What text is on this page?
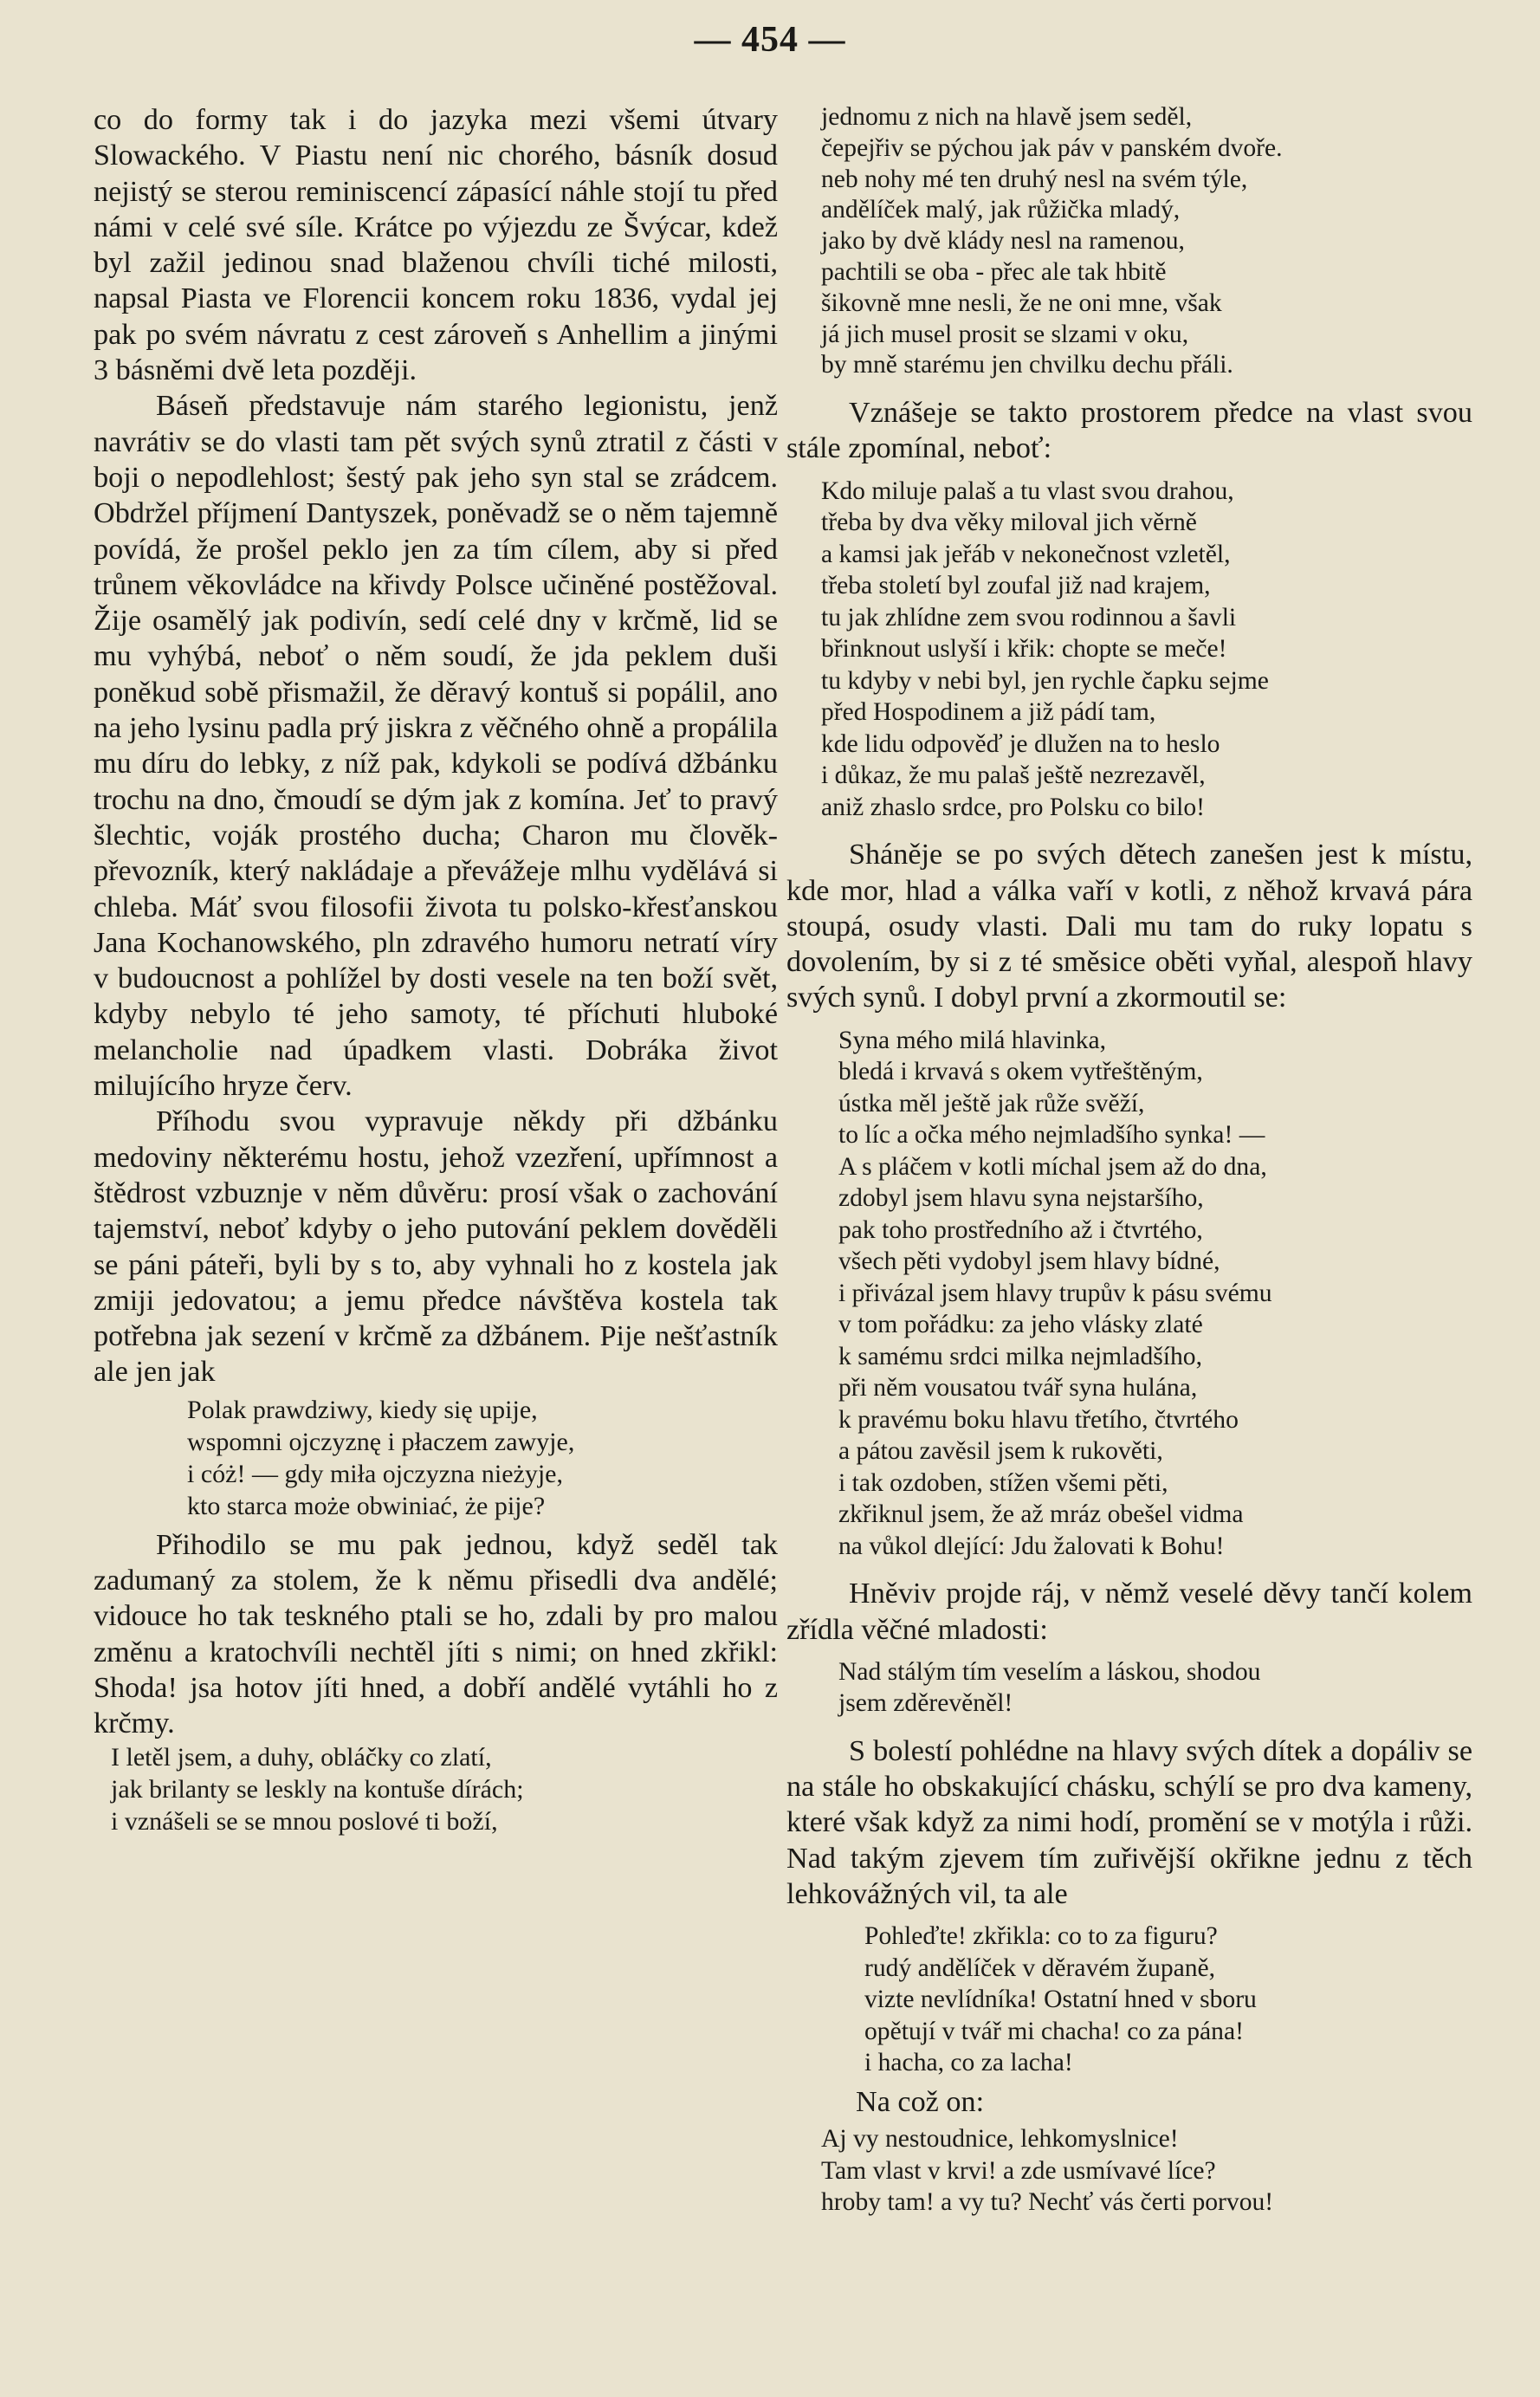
— 454 —

co do formy tak i do jazyka mezi všemi útvary Slowackého. V Piastu není nic chorého, básník dosud nejistý se sterou reminiscencí zápasící náhle stojí tu před námi v celé své síle. Krátce po výjezdu ze Švýcar, kdež byl zažil jedinou snad blaženou chvíli tiché milosti, napsal Piasta ve Florencii koncem roku 1836, vydal jej pak po svém návratu z cest zároveň s Anhellim a jinými 3 básněmi dvě leta později.

Báseň představuje nám starého legionistu, jenž navrátiv se do vlasti tam pět svých synů ztratil z části v boji o nepodlehlost; šestý pak jeho syn stal se zrádcem. Obdržel příjmení Dantyszek, poněvadž se o něm tajemně povídá, že prošel peklo jen za tím cílem, aby si před trůnem věkovládce na křivdy Polsce učiněné postěžoval. Žije osamělý jak podivín, sedí celé dny v krčmě, lid se mu vyhýbá, neboť o něm soudí, že jda peklem duši poněkud sobě přismažil, že děravý kontuš si popálil, ano na jeho lysinu padla prý jiskra z věčného ohně a propálila mu díru do lebky, z níž pak, kdykoli se podívá džbánku trochu na dno, čmoudí se dým jak z komína. Jeť to pravý šlechtic, voják prostého ducha; Charon mu člověk-převozník, který nakládaje a převážeje mlhu vydělává si chleba. Máť svou filosofii života tu polsko-křesťanskou Jana Kochanowského, pln zdravého humoru netratí víry v budoucnost a pohlížel by dosti vesele na ten boží svět, kdyby nebylo té jeho samoty, té příchuti hluboké melancholie nad úpadkem vlasti. Dobráka život milujícího hryze červ.

Příhodu svou vypravuje někdy při džbánku medoviny některému hostu, jehož vzezření, upřímnost a štědrost vzbuznje v něm důvěru: prosí však o zachování tajemství, neboť kdyby o jeho putování peklem dověděli se páni páteři, byli by s to, aby vyhnali ho z kostela jak zmiji jedovatou; a jemu předce návštěva kostela tak potřebna jak sezení v krčmě za džbánem. Pije nešťastník ale jen jak

Polak prawdziwy, kiedy się upije,
wspomni ojczyznę i płaczem zawyje,
i cóż! — gdy miła ojczyzna nieżyje,
kto starca może obwiniać, że pije?

Přihodilo se mu pak jednou, když seděl tak zadumaný za stolem, že k němu přisedli dva andělé; vidouce ho tak teskného ptali se ho, zdali by pro malou změnu a kratochvíli nechtěl jíti s nimi; on hned zkřikl: Shoda! jsa hotov jíti hned, a dobří andělé vytáhli ho z krčmy.

I letěl jsem, a duhy, obláčky co zlatí,
jak brilanty se leskly na kontuše dírách;
i vznášeli se se mnou poslové ti boží,
jednomu z nich na hlavě jsem seděl,
čepejřiv se pýchou jak páv v panském dvoře.
neb nohy mé ten druhý nesl na svém týle,
andělíček malý, jak růžička mladý,
jako by dvě klády nesl na ramenou,
pachtili se oba - přec ale tak hbitě
šikovně mne nesli, že ne oni mne, však
já jich musel prosit se slzami v oku,
by mně starému jen chvilku dechu přáli.

Vznášeje se takto prostorem předce na vlast svou stále zpomínal, neboť:

Kdo miluje palaš a tu vlast svou drahou,
třeba by dva věky miloval jich věrně
a kamsi jak jeřáb v nekonečnost vzletěl,
třeba století byl zoufal již nad krajem,
tu jak zhlídne zem svou rodinnou a šavli
břinknout uslyší i křik: chopte se meče!
tu kdyby v nebi byl, jen rychle čapku sejme
před Hospodinem a již pádí tam,
kde lidu odpověď je dlužen na to heslo
i důkaz, že mu palaš ještě nezrezavěl,
aniž zhaslo srdce, pro Polsku co bilo!

Sháněje se po svých dětech zanešen jest k místu, kde mor, hlad a válka vaří v kotli, z něhož krvavá pára stoupá, osudy vlasti. Dali mu tam do ruky lopatu s dovolením, by si z té směsice oběti vyňal, alespoň hlavy svých synů. I dobyl první a zkormoutil se:

Syna mého milá hlavinka,
bledá i krvavá s okem vytřeštěným,
ústka měl ještě jak růže svěží,
to líc a očka mého nejmladšího synka! —
A s pláčem v kotli míchal jsem až do dna,
zdobyl jsem hlavu syna nejstaršího,
pak toho prostředního až i čtvrtého,
všech pěti vydobyl jsem hlavy bídné,
i přivázal jsem hlavy trupův k pásu svému
v tom pořádku: za jeho vlásky zlaté
k samému srdci milka nejmladšího,
při něm vousatou tvář syna hulána,
k pravému boku hlavu třetího, čtvrtého
a pátou zavěsil jsem k rukověti,
i tak ozdoben, stížen všemi pěti,
zkřiknul jsem, že až mráz obešel vidma
na vůkol dlející: Jdu žalovati k Bohu!

Hněviv projde ráj, v němž veselé děvy tančí kolem zřídla věčné mladosti:

Nad stálým tím veselím a láskou, shodou
jsem zděrevěněl!

S bolestí pohlédne na hlavy svých dítek a dopáliv se na stále ho obskakující chásku, schýlí se pro dva kameny, které však když za nimi hodí, promění se v motýla i růži. Nad takým zjevem tím zuřivější okřikne jednu z těch lehkovážných vil, ta ale

Pohleďte! zkřikla: co to za figuru?
rudý andělíček v děravém županě,
vizte nevlídníka! Ostatní hned v sboru
opětují v tvář mi chacha! co za pána!
i hacha, co za lacha!

Na což on:

Aj vy nestoudnice, lehkomyslnice!
Tam vlast v krvi! a zde usmívavé líce?
hroby tam! a vy tu? Nechť vás čerti porvou!
